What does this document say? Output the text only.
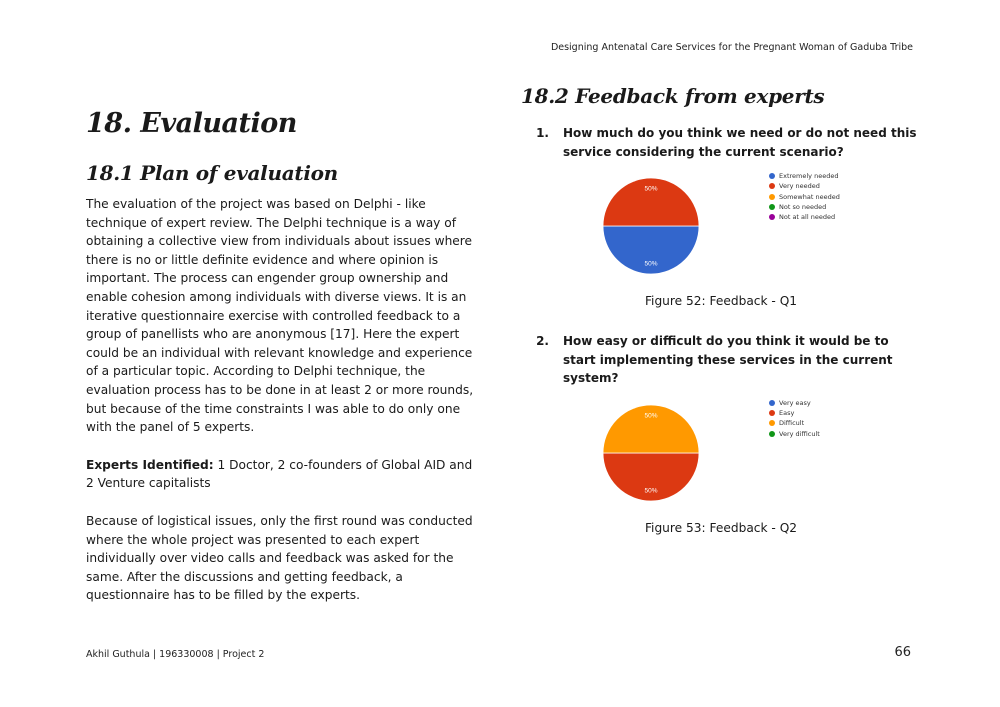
Designing Antenatal Care Services for the Pregnant Woman of Gaduba Tribe
18. Evaluation
18.1 Plan of evaluation

The evaluation of the project was based on Delphi - like technique of expert review. The Delphi technique is a way of obtaining a collective view from individuals about issues where there is no or little definite evidence and where opinion is important. The process can engender group ownership and enable cohesion among individuals with diverse views. It is an iterative questionnaire exercise with controlled feedback to a group of panellists who are anonymous [17]. Here the expert could be an individual with relevant knowledge and experience of a particular topic. According to Delphi technique, the evaluation process has to be done in at least 2 or more rounds, but because of the time constraints I was able to do only one with the panel of 5 experts.

Experts Identified: 1 Doctor, 2 co-founders of Global AID and 2 Venture capitalists

Because of logistical issues, only the first round was conducted where the whole project was presented to each expert individually over video calls and feedback was asked for the same. After the discussions and getting feedback, a questionnaire has to be filled by the experts.

18.2 Feedback from experts
1.	How much do you think we need or do not need this service considering the current scenario?
50%
50%
Extremely needed
Very needed
Somewhat needed
Not so needed
Not at all needed
Figure 52: Feedback - Q1
2.	How easy or difficult do you think it would be to start implementing these services in the current system?
50%
50%
Very easy
Easy
Difficult
Very difficult
Figure 53: Feedback - Q2
Akhil Guthula | 196330008 | Project 2	66
